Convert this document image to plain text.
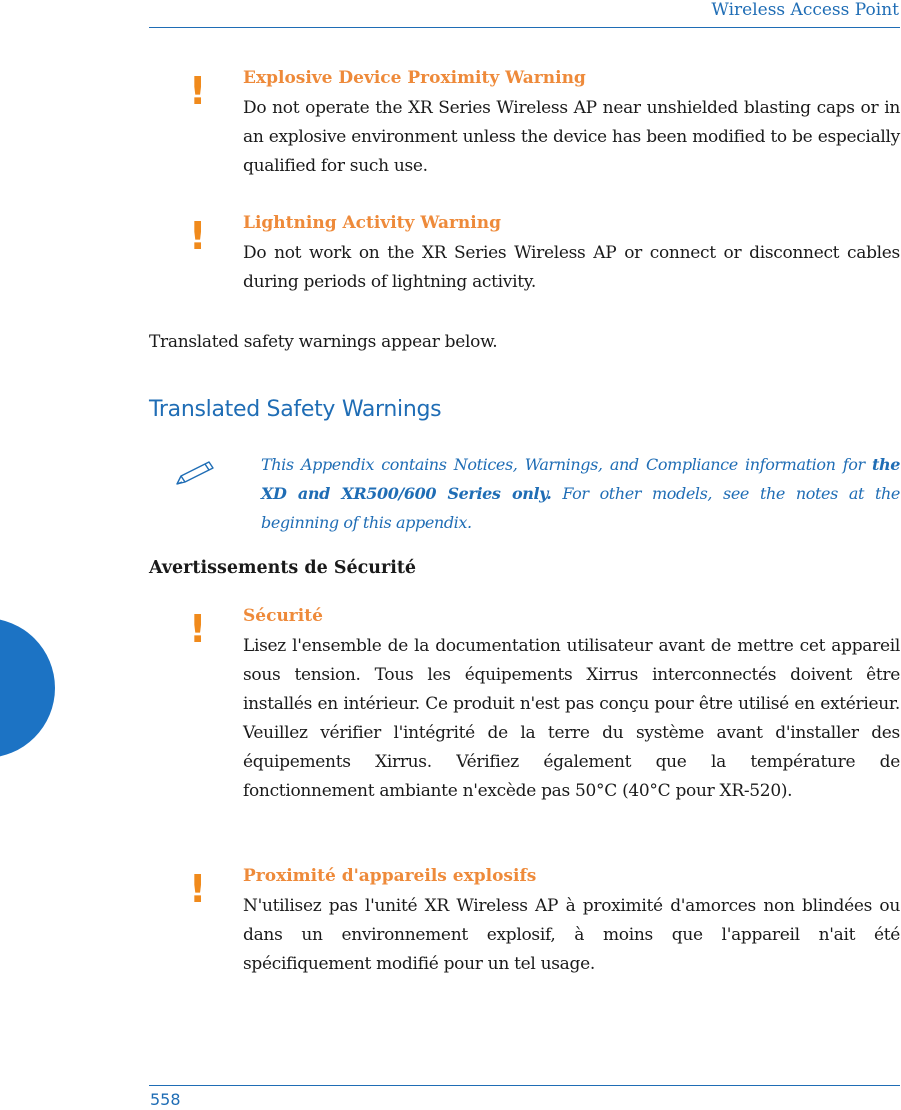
Wireless Access Point
! Explosive Device Proximity Warning

Do not operate the XR Series Wireless AP near unshielded blasting caps or in an explosive environment unless the device has been modified to be especially qualified for such use.

! Lightning Activity Warning

Do not work on the XR Series Wireless AP or connect or disconnect cables during periods of lightning activity.

Translated safety warnings appear below.
Translated Safety Warnings
This Appendix contains Notices, Warnings, and Compliance information for the XD and XR500/600 Series only. For other models, see the notes at the beginning of this appendix.
Avertissements de Sécurité
! Sécurité

Lisez l'ensemble de la documentation utilisateur avant de mettre cet appareil sous tension. Tous les équipements Xirrus interconnectés doivent être installés en intérieur. Ce produit n'est pas conçu pour être utilisé en extérieur. Veuillez vérifier l'intégrité de la terre du système avant d'installer des équipements Xirrus. Vérifiez également que la température de fonctionnement ambiante n'excède pas 50°C (40°C pour XR-520).

! Proximité d'appareils explosifs

N'utilisez pas l'unité XR Wireless AP à proximité d'amorces non blindées ou dans un environnement explosif, à moins que l'appareil n'ait été spécifiquement modifié pour un tel usage.

558
